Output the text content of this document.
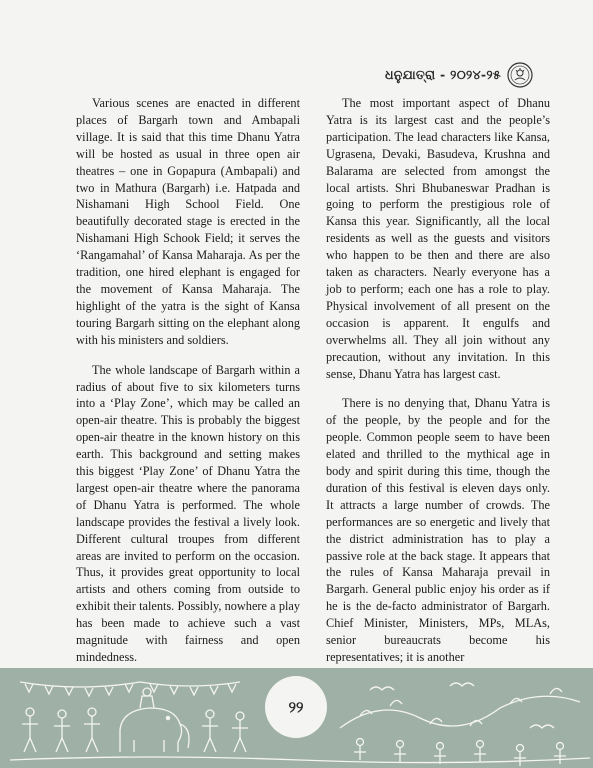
ଧନୁଯାତ୍ରା - ୨୦୨୪-୨୫

Various scenes are enacted in different places of Bargarh town and Ambapali village. It is said that this time Dhanu Yatra will be hosted as usual in three open air theatres – one in Gopapura (Ambapali) and two in Mathura (Bargarh) i.e. Hatpada and Nishamani High School Field. One beautifully decorated stage is erected in the Nishamani High Schook Field; it serves the ‘Rangamahal’ of Kansa Maharaja. As per the tradition, one hired elephant is engaged for the movement of Kansa Maharaja. The highlight of the yatra is the sight of Kansa touring Bargarh sitting on the elephant along with his ministers and soldiers.

The whole landscape of Bargarh within a radius of about five to six kilometers turns into a ‘Play Zone’, which may be called an open-air theatre. This is probably the biggest open-air theatre in the known history on this earth. This background and setting makes this biggest ‘Play Zone’ of Dhanu Yatra the largest open-air theatre where the panorama of Dhanu Yatra is performed. The whole landscape provides the festival a lively look. Different cultural troupes from different areas are invited to perform on the occasion. Thus, it provides great opportunity to local artists and others coming from outside to exhibit their talents. Possibly, nowhere a play has been made to achieve such a vast magnitude with fairness and open mindedness.

The most important aspect of Dhanu Yatra is its largest cast and the people’s participation. The lead characters like Kansa, Ugrasena, Devaki, Basudeva, Krushna and Balarama are selected from amongst the local artists. Shri Bhubaneswar Pradhan is going to perform the prestigious role of Kansa this year. Significantly, all the local residents as well as the guests and visitors who happen to be then and there are also taken as characters. Nearly everyone has a job to perform; each one has a role to play. Physical involvement of all present on the occasion is apparent. It engulfs and overwhelms all. They all join without any precaution, without any invitation. In this sense, Dhanu Yatra has largest cast.

There is no denying that, Dhanu Yatra is of the people, by the people and for the people. Common people seem to have been elated and thrilled to the mythical age in body and spirit during this time, though the duration of this festival is eleven days only. It attracts a large number of crowds. The performances are so energetic and lively that the district administration has to play a passive role at the back stage. It appears that the rules of Kansa Maharaja prevail in Bargarh. General public enjoy his order as if he is the de-facto administrator of Bargarh. Chief Minister, Ministers, MPs, MLAs, senior bureaucrats become his representatives; it is another

୨୨
